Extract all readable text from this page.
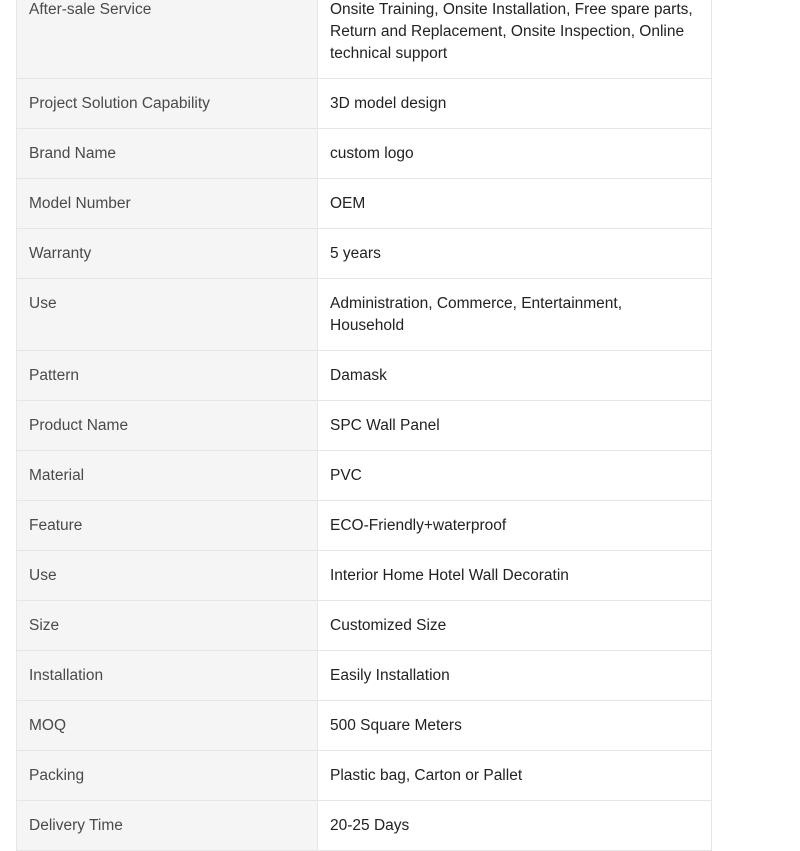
After-sale Service	Onsite Training, Onsite Installation, Free spare parts, Return and Replacement, Onsite Inspection, Online technical support
Project Solution Capability	3D model design
Brand Name	custom logo
Model Number	OEM
Warranty	5 years
Use	Administration, Commerce, Entertainment, Household
Pattern	Damask
Product Name	SPC Wall Panel
Material	PVC
Feature	ECO-Friendly+waterproof
Use	Interior Home Hotel Wall Decoratin
Size	Customized Size
Installation	Easily Installation
MOQ	500 Square Meters
Packing	Plastic bag, Carton or Pallet
Delivery Time	20-25 Days
